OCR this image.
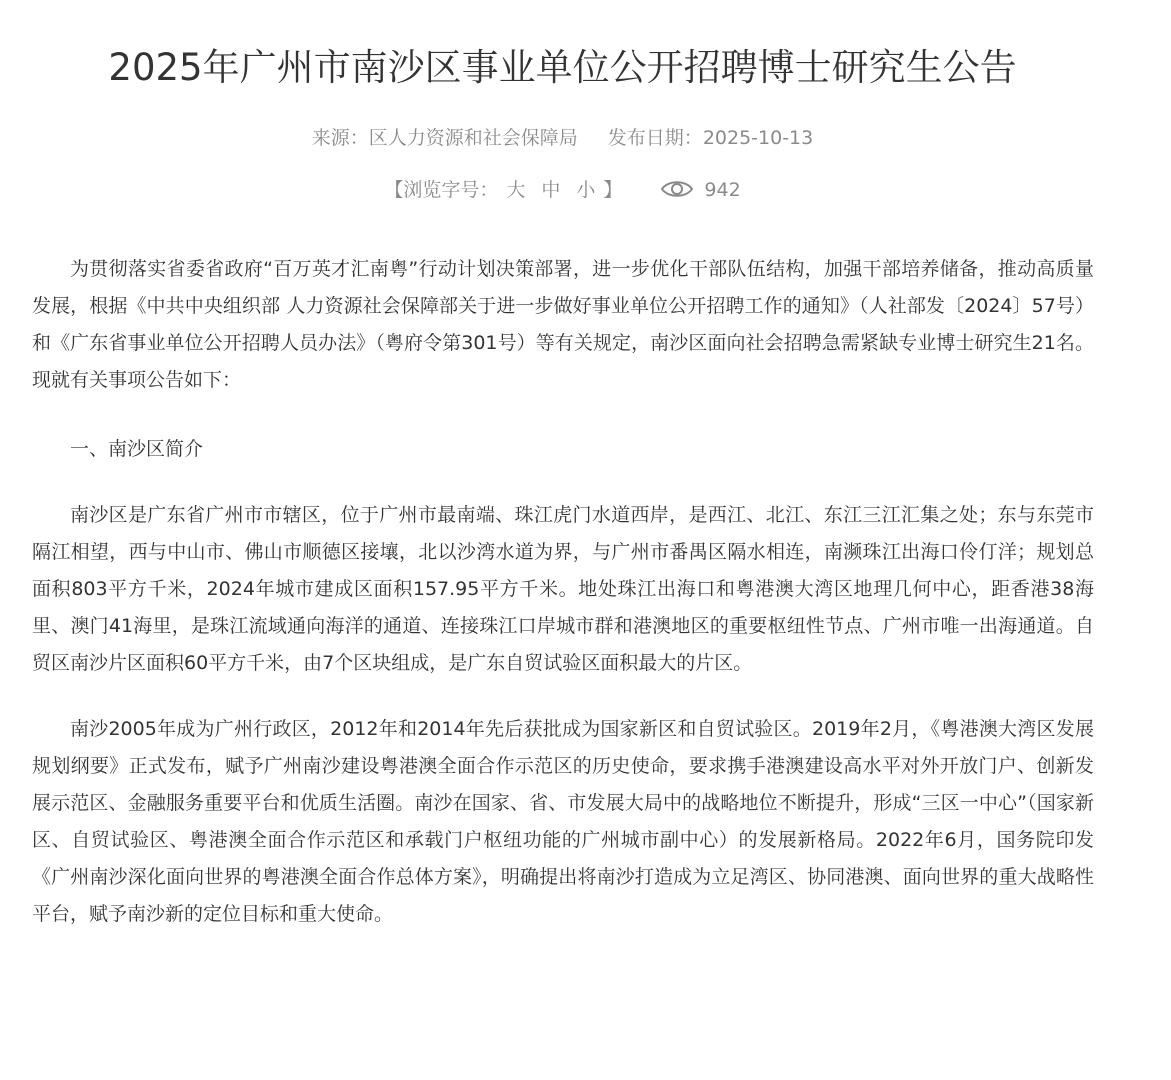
2025年广州市南沙区事业单位公开招聘博士研究生公告
来源：区人力资源和社会保障局 发布日期：2025-10-13
【浏览字号： 大 中 小 】	942

为贯彻落实省委省政府“百万英才汇南粤”行动计划决策部署，进一步优化干部队伍结构，加强干部培养储备，推动高质量发展，根据《中共中央组织部 人力资源社会保障部关于进一步做好事业单位公开招聘工作的通知》（人社部发〔2024〕57号）和《广东省事业单位公开招聘人员办法》（粤府令第301号）等有关规定，南沙区面向社会招聘急需紧缺专业博士研究生21名。现就有关事项公告如下：

一、南沙区简介

南沙区是广东省广州市市辖区，位于广州市最南端、珠江虎门水道西岸，是西江、北江、东江三江汇集之处；东与东莞市隔江相望，西与中山市、佛山市顺德区接壤，北以沙湾水道为界，与广州市番禺区隔水相连，南濒珠江出海口伶仃洋；规划总面积803平方千米，2024年城市建成区面积157.95平方千米。地处珠江出海口和粤港澳大湾区地理几何中心，距香港38海里、澳门41海里，是珠江流域通向海洋的通道、连接珠江口岸城市群和港澳地区的重要枢纽性节点、广州市唯一出海通道。自贸区南沙片区面积60平方千米，由7个区块组成，是广东自贸试验区面积最大的片区。

南沙2005年成为广州行政区，2012年和2014年先后获批成为国家新区和自贸试验区。2019年2月，《粤港澳大湾区发展规划纲要》正式发布，赋予广州南沙建设粤港澳全面合作示范区的历史使命，要求携手港澳建设高水平对外开放门户、创新发展示范区、金融服务重要平台和优质生活圈。南沙在国家、省、市发展大局中的战略地位不断提升，形成“三区一中心”（国家新区、自贸试验区、粤港澳全面合作示范区和承载门户枢纽功能的广州城市副中心）的发展新格局。2022年6月，国务院印发《广州南沙深化面向世界的粤港澳全面合作总体方案》，明确提出将南沙打造成为立足湾区、协同港澳、面向世界的重大战略性平台，赋予南沙新的定位目标和重大使命。
